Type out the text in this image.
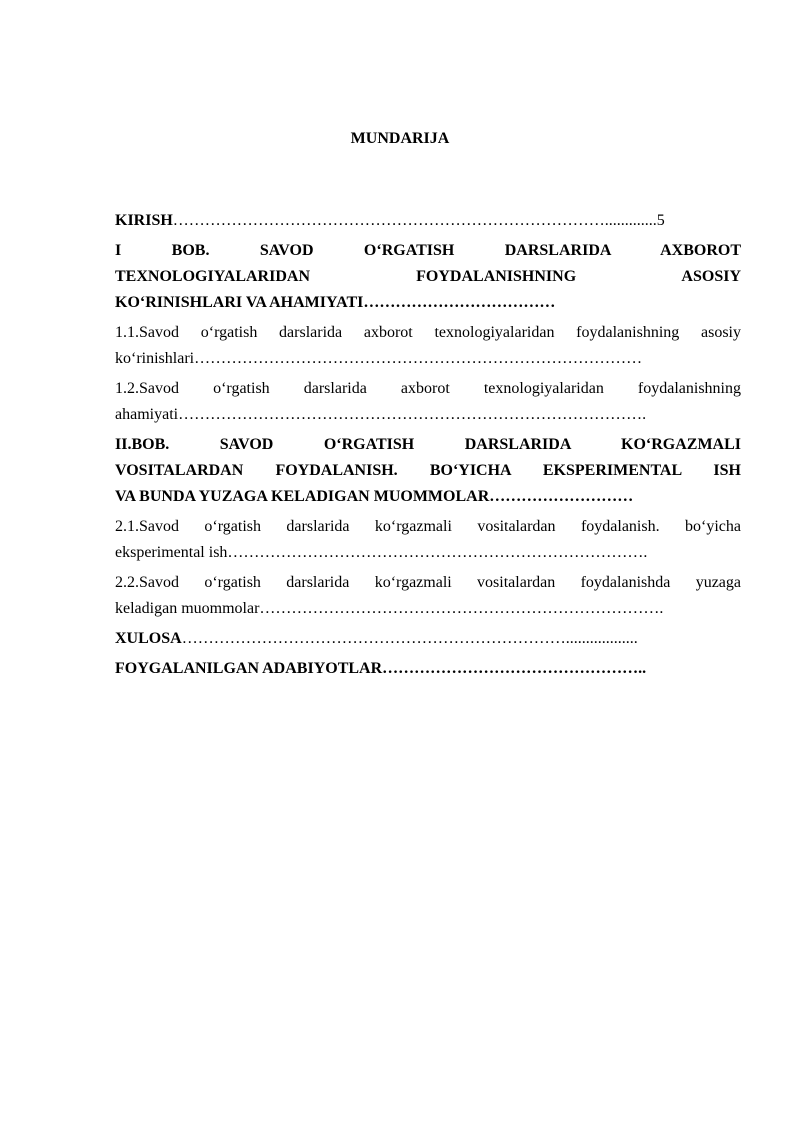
MUNDARIJA
KIRISH……………………………………………………………………….............5
I BOB. SAVOD O‘RGATISH DARSLARIDA AXBOROT
TEXNOLOGIYALARIDAN FOYDALANISHNING ASOSIY
KO‘RINISHLARI VA AHAMIYATI………………………………
1.1.Savod o‘rgatish darslarida axborot texnologiyalaridan foydalanishning asosiy
ko‘rinishlari…………………………………………………………………………
1.2.Savod o‘rgatish darslarida axborot texnologiyalaridan foydalanishning
ahamiyati…………………………………………………………………………….
II.BOB. SAVOD O‘RGATISH DARSLARIDA KO‘RGAZMALI
VOSITALARDAN FOYDALANISH. BO‘YICHA EKSPERIMENTAL ISH
VA BUNDA YUZAGA KELADIGAN MUOMMOLAR………………………
2.1.Savod o‘rgatish darslarida ko‘rgazmali vositalardan foydalanish. bo‘yicha
eksperimental ish…………………………………………………………………….
2.2.Savod o‘rgatish darslarida ko‘rgazmali vositalardan foydalanishda yuzaga
keladigan muommolar………………………………………………………………….
XULOSA………………………………………………………………..................
FOYGALANILGAN ADABIYOTLAR…………………………………………..
